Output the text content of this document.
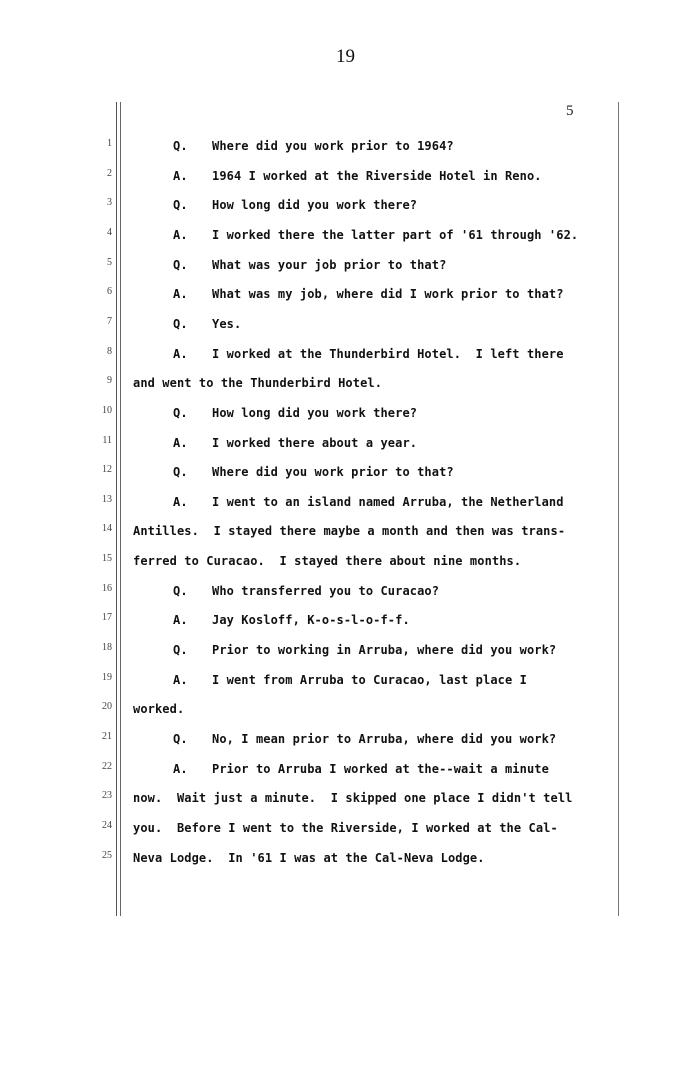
19
5
1
2
3
4
5
6
7
8
9
10
11
12
13
14
15
16
17
18
19
20
21
22
23
24
25
Q. Where did you work prior to 1964?
A. 1964 I worked at the Riverside Hotel in Reno.
Q. How long did you work there?
A. I worked there the latter part of '61 through '62.
Q. What was your job prior to that?
A. What was my job, where did I work prior to that?
Q. Yes.
A. I worked at the Thunderbird Hotel.  I left there
and went to the Thunderbird Hotel.
Q. How long did you work there?
A. I worked there about a year.
Q. Where did you work prior to that?
A. I went to an island named Arruba, the Netherland
Antilles.  I stayed there maybe a month and then was trans-
ferred to Curacao.  I stayed there about nine months.
Q. Who transferred you to Curacao?
A. Jay Kosloff, K-o-s-l-o-f-f.
Q. Prior to working in Arruba, where did you work?
A. I went from Arruba to Curacao, last place I
worked.
Q. No, I mean prior to Arruba, where did you work?
A. Prior to Arruba I worked at the--wait a minute
now.  Wait just a minute.  I skipped one place I didn't tell
you.  Before I went to the Riverside, I worked at the Cal-
Neva Lodge.  In '61 I was at the Cal-Neva Lodge.
